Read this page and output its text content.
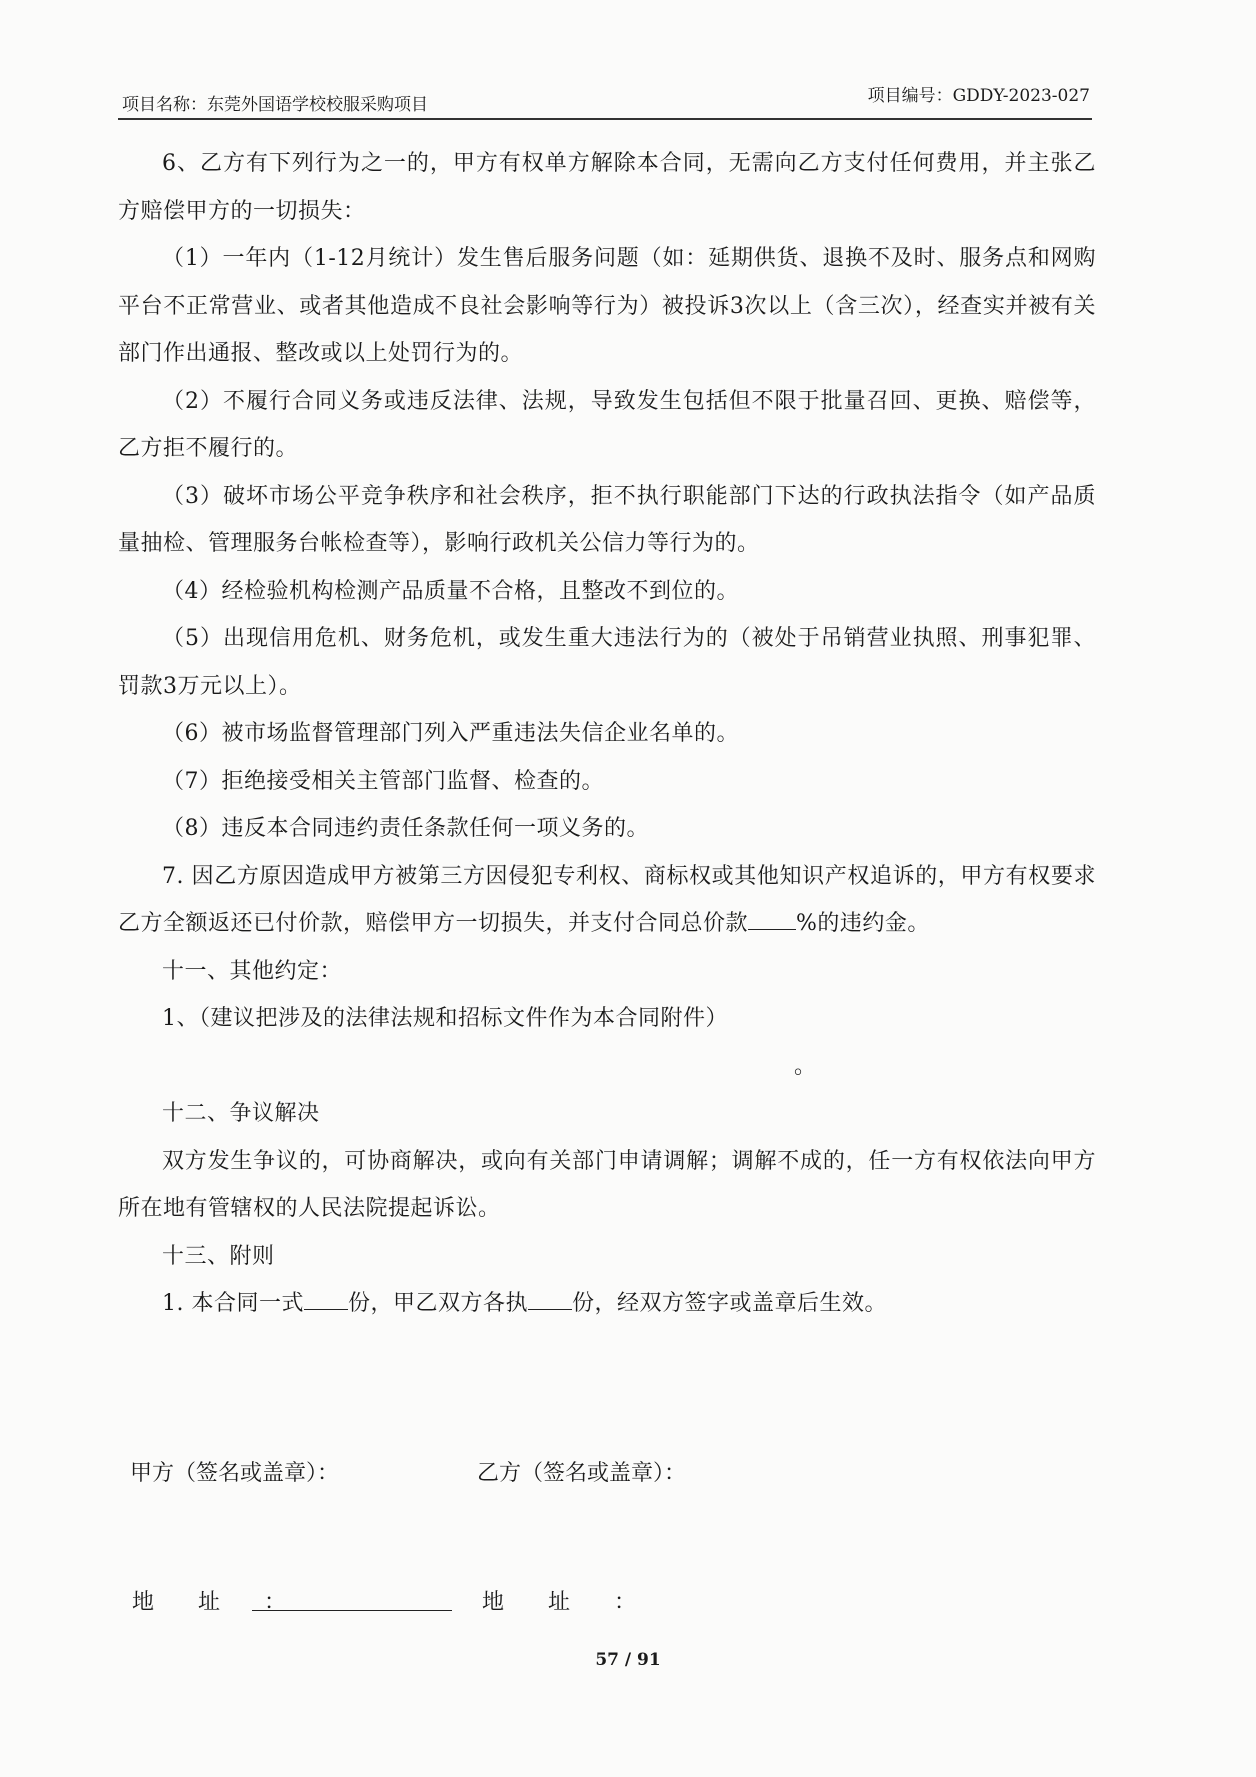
项目名称：东莞外国语学校校服采购项目	项目编号：GDDY-2023-027

6、乙方有下列行为之一的，甲方有权单方解除本合同，无需向乙方支付任何费用，并主张乙方赔偿甲方的一切损失：

（1）一年内（1-12月统计）发生售后服务问题（如：延期供货、退换不及时、服务点和网购平台不正常营业、或者其他造成不良社会影响等行为）被投诉3次以上（含三次），经查实并被有关部门作出通报、整改或以上处罚行为的。

（2）不履行合同义务或违反法律、法规，导致发生包括但不限于批量召回、更换、赔偿等，乙方拒不履行的。

（3）破坏市场公平竞争秩序和社会秩序，拒不执行职能部门下达的行政执法指令（如产品质量抽检、管理服务台帐检查等），影响行政机关公信力等行为的。

（4）经检验机构检测产品质量不合格，且整改不到位的。

（5）出现信用危机、财务危机，或发生重大违法行为的（被处于吊销营业执照、刑事犯罪、罚款3万元以上）。

（6）被市场监督管理部门列入严重违法失信企业名单的。

（7）拒绝接受相关主管部门监督、检查的。

（8）违反本合同违约责任条款任何一项义务的。

7. 因乙方原因造成甲方被第三方因侵犯专利权、商标权或其他知识产权追诉的，甲方有权要求乙方全额返还已付价款，赔偿甲方一切损失，并支付合同总价款 %的违约金。

十一、其他约定：

1、（建议把涉及的法律法规和招标文件作为本合同附件）

。

十二、争议解决

双方发生争议的，可协商解决，或向有关部门申请调解；调解不成的，任一方有权依法向甲方所在地有管辖权的人民法院提起诉讼。

十三、附则

1. 本合同一式 份，甲乙双方各执 份，经双方签字或盖章后生效。

甲方（签名或盖章）：	乙方（签名或盖章）：
地址：	地址：
57 / 91
